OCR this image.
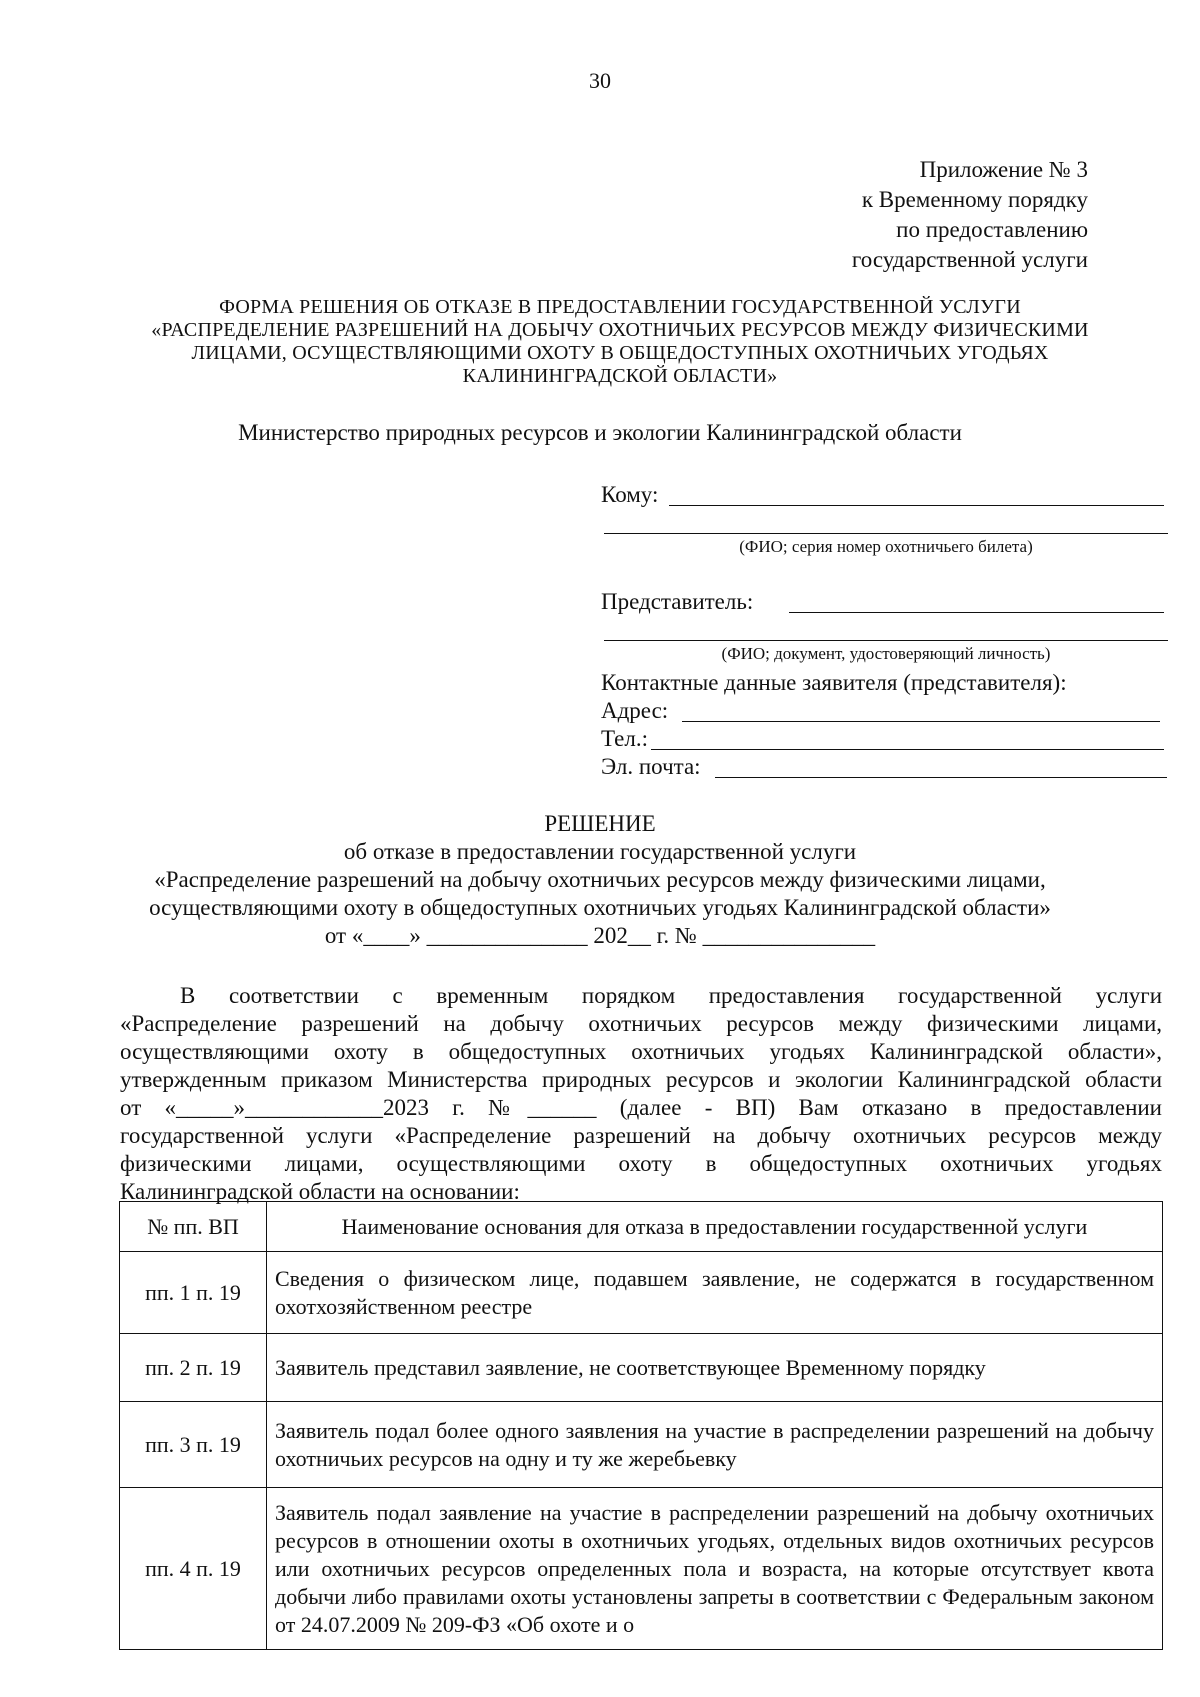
30
Приложение № 3
к Временному порядку
по предоставлению
государственной услуги
ФОРМА РЕШЕНИЯ ОБ ОТКАЗЕ В ПРЕДОСТАВЛЕНИИ ГОСУДАРСТВЕННОЙ УСЛУГИ
«РАСПРЕДЕЛЕНИЕ РАЗРЕШЕНИЙ НА ДОБЫЧУ ОХОТНИЧЬИХ РЕСУРСОВ МЕЖДУ ФИЗИЧЕСКИМИ
ЛИЦАМИ, ОСУЩЕСТВЛЯЮЩИМИ ОХОТУ В ОБЩЕДОСТУПНЫХ ОХОТНИЧЬИХ УГОДЬЯХ
КАЛИНИНГРАДСКОЙ ОБЛАСТИ»
Министерство природных ресурсов и экологии Калининградской области
Кому:
(ФИО; серия номер охотничьего билета)
Представитель:
(ФИО; документ, удостоверяющий личность)
Контактные данные заявителя (представителя):
Адрес:
Тел.:
Эл. почта:
РЕШЕНИЕ
об отказе в предоставлении государственной услуги
«Распределение разрешений на добычу охотничьих ресурсов между физическими лицами,
осуществляющими охоту в общедоступных охотничьих угодьях Калининградской области»
от «____» ______________ 202__ г. № _______________
В соответствии с временным порядком предоставления государственной услуги
«Распределение разрешений на добычу охотничьих ресурсов между физическими лицами,
осуществляющими охоту в общедоступных охотничьих угодьях Калининградской области»,
утвержденным приказом Министерства природных ресурсов и экологии Калининградской области
от «_____»____________2023 г. №______ (далее - ВП) Вам отказано в предоставлении
государственной услуги «Распределение разрешений на добычу охотничьих ресурсов между
физическими лицами, осуществляющими охоту в общедоступных охотничьих угодьях
Калининградской области на основании:
№ пп. ВП	Наименование основания для отказа в предоставлении государственной услуги
пп. 1 п. 19	Сведения о физическом лице, подавшем заявление, не содержатся в государственном охотхозяйственном реестре
пп. 2 п. 19	Заявитель представил заявление, не соответствующее Временному порядку
пп. 3 п. 19	Заявитель подал более одного заявления на участие в распределении разрешений на добычу охотничьих ресурсов на одну и ту же жеребьевку
пп. 4 п. 19	Заявитель подал заявление на участие в распределении разрешений на добычу охотничьих ресурсов в отношении охоты в охотничьих угодьях, отдельных видов охотничьих ресурсов или охотничьих ресурсов определенных пола и возраста, на которые отсутствует квота добычи либо правилами охоты установлены запреты в соответствии с Федеральным законом от 24.07.2009 № 209-ФЗ «Об охоте и о
